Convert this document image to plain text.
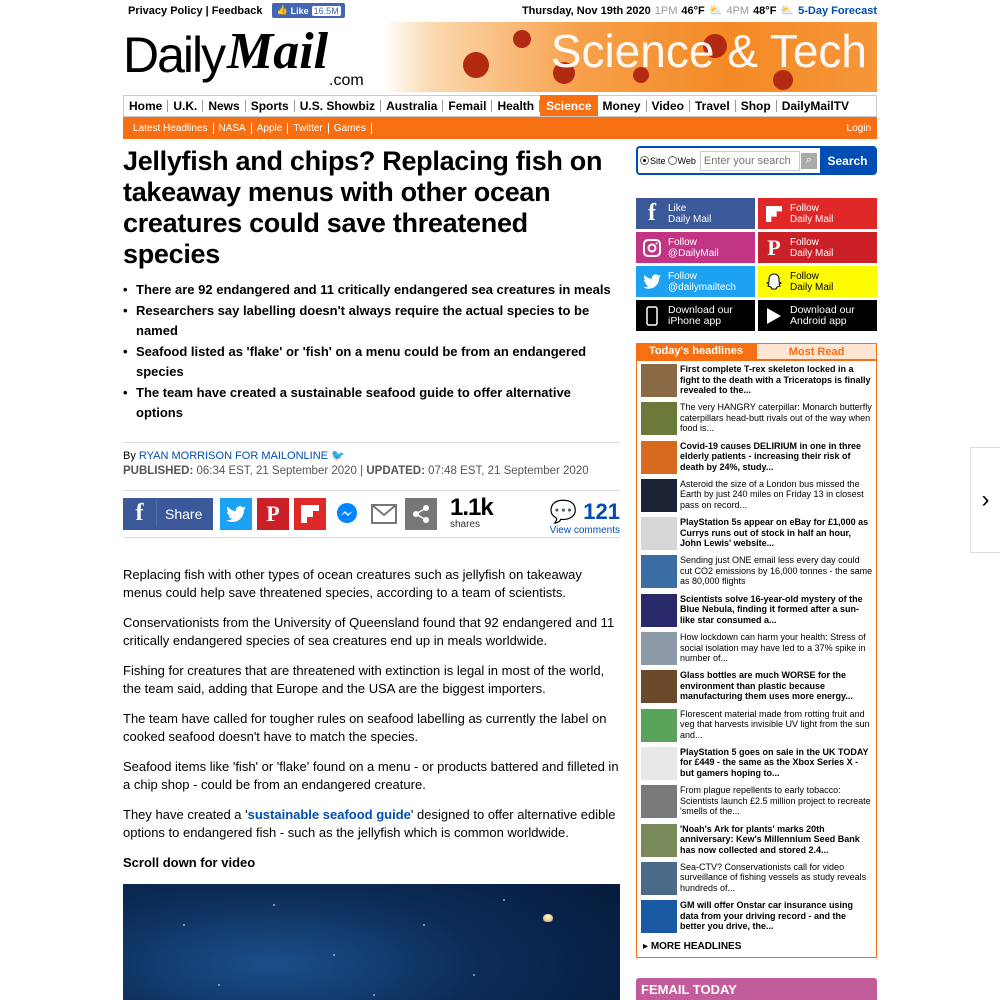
Privacy Policy | Feedback 👍 Like 16.5M	Thursday, Nov 19th 2020 1PM 46°F ⛅ 4PM 48°F ⛅ 5-Day Forecast
Daily Mail
.com
Science & Tech
Home U.K. News Sports U.S. Showbiz Australia Femail Health	Science Money Video Travel Shop DailyMailTV
Latest Headlines	NASA	Apple	Twitter	Games	Login
Jellyfish and chips? Replacing fish on takeaway menus with other ocean creatures could save threatened species
• There are 92 endangered and 11 critically endangered sea creatures in meals
• Researchers say labelling doesn't always require the actual species to be named
• Seafood listed as 'flake' or 'fish' on a menu could be from an endangered species
• The team have created a sustainable seafood guide to offer alternative options
By RYAN MORRISON FOR MAILONLINE 🐦
PUBLISHED: 06:34 EST, 21 September 2020 | UPDATED: 07:48 EST, 21 September 2020
f	Share	P	1.1k
shares
💬 121
View comments

Replacing fish with other types of ocean creatures such as jellyfish on takeaway menus could help save threatened species, according to a team of scientists.

Conservationists from the University of Queensland found that 92 endangered and 11 critically endangered species of sea creatures end up in meals worldwide.

Fishing for creatures that are threatened with extinction is legal in most of the world, the team said, adding that Europe and the USA are the biggest importers.

The team have called for tougher rules on seafood labelling as currently the label on cooked seafood doesn't have to match the species.

Seafood items like 'fish' or 'flake' found on a menu - or products battered and filleted in a chip shop - could be from an endangered creature.

They have created a 'sustainable seafood guide' designed to offer alternative edible options to endangered fish - such as the jellyfish which is common worldwide.

Scroll down for video

Site Web
Enter your search	⌕	Search
f	Like
Daily Mail
Follow
Daily Mail
Follow
@DailyMail	P Follow
Daily Mail
Follow
@dailymailtech
Follow
Daily Mail
Download our
iPhone app
Download our
Android app
Today's headlines	Most Read
First complete T-rex skeleton locked in a fight to the death with a Triceratops is finally revealed to the...
The very HANGRY caterpillar: Monarch butterfly caterpillars head-butt rivals out of the way when food is...
Covid-19 causes DELIRIUM in one in three elderly patients - increasing their risk of death by 24%, study...
Asteroid the size of a London bus missed the Earth by just 240 miles on Friday 13 in closest pass on record...
PlayStation 5s appear on eBay for £1,000 as Currys runs out of stock in half an hour, John Lewis' website...
Sending just ONE email less every day could cut CO2 emissions by 16,000 tonnes - the same as 80,000 flights
Scientists solve 16-year-old mystery of the Blue Nebula, finding it formed after a sun-like star consumed a...
How lockdown can harm your health: Stress of social isolation may have led to a 37% spike in number of...
Glass bottles are much WORSE for the environment than plastic because manufacturing them uses more energy...
Florescent material made from rotting fruit and veg that harvests invisible UV light from the sun and...
PlayStation 5 goes on sale in the UK TODAY for £449 - the same as the Xbox Series X - but gamers hoping to...
From plague repellents to early tobacco: Scientists launch £2.5 million project to recreate 'smells of the...
'Noah's Ark for plants' marks 20th anniversary: Kew's Millennium Seed Bank has now collected and stored 2.4...
Sea-CTV? Conservationists call for video surveillance of fishing vessels as study reveals hundreds of...
GM will offer Onstar car insurance using data from your driving record - and the better you drive, the...
▸ MORE HEADLINES
FEMAIL TODAY
›
